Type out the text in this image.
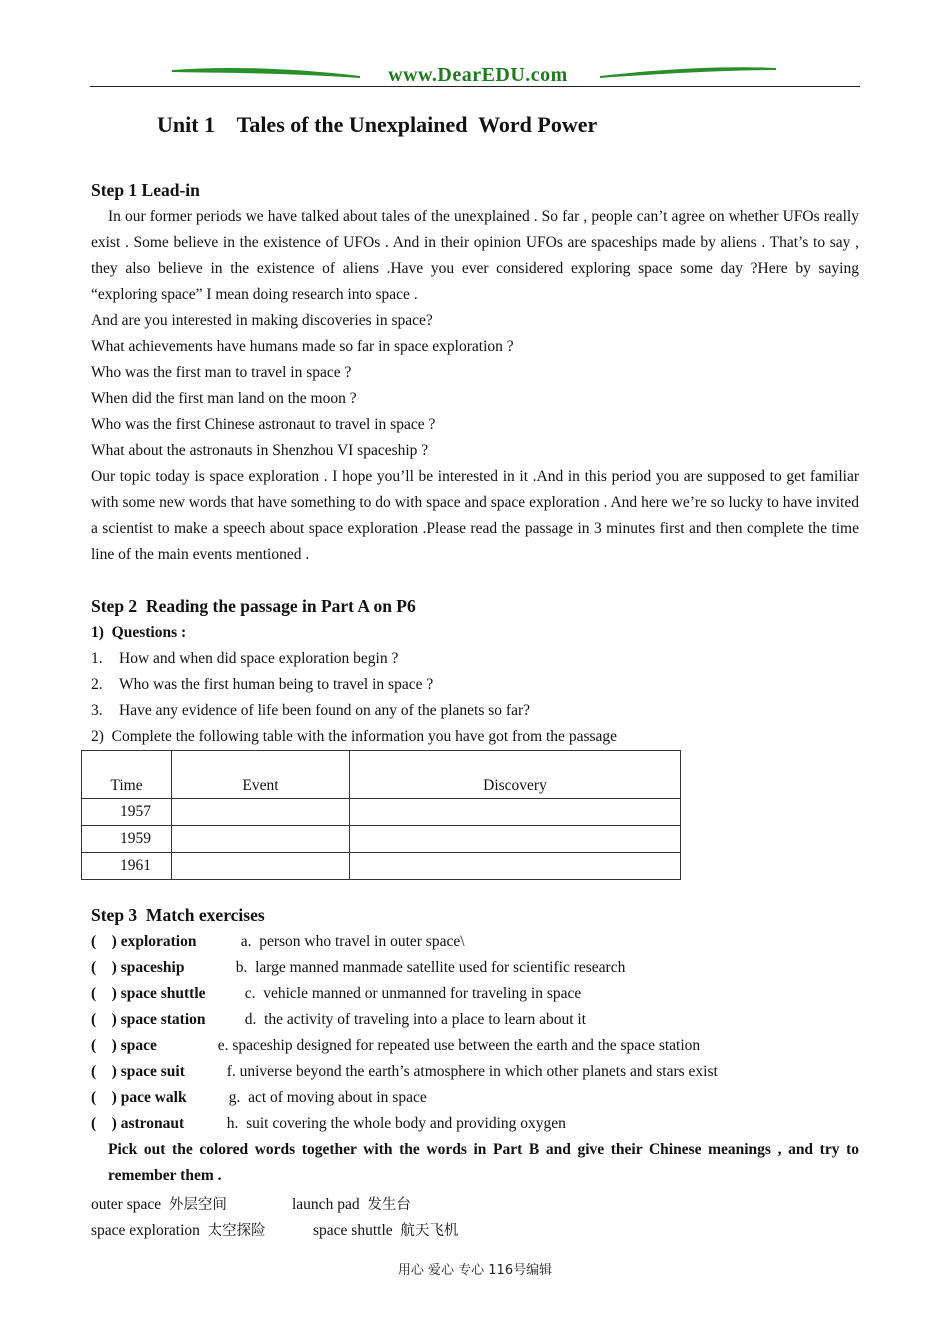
www.DearEDU.com
Unit 1    Tales of the Unexplained  Word Power
Step 1 Lead-in
In our former periods we have talked about tales of the unexplained . So far , people can’t agree on whether UFOs really exist . Some believe in the existence of UFOs . And in their opinion UFOs are spaceships made by aliens . That’s to say , they also believe in the existence of aliens .Have you ever considered exploring space some day ?Here by saying “exploring space” I mean doing research into space .
And are you interested in making discoveries in space?
What achievements have humans made so far in space exploration ?
Who was the first man to travel in space ?
When did the first man land on the moon ?
Who was the first Chinese astronaut to travel in space ?
What about the astronauts in Shenzhou VI spaceship ?
Our topic today is space exploration . I hope you’ll be interested in it .And in this period you are supposed to get familiar with some new words that have something to do with space and space exploration . And here we’re so lucky to have invited a scientist to make a speech about space exploration .Please read the passage in 3 minutes first and then complete the time line of the main events mentioned .
Step 2  Reading the passage in Part A on P6
1)  Questions :
1. How and when did space exploration begin ?
2. Who was the first human being to travel in space ?
3. Have any evidence of life been found on any of the planets so far?
2)  Complete the following table with the information you have got from the passage
Time	Event	Discovery
1957		
1959		
1961		
Step 3  Match exercises
(    ) exploration	a.  person who travel in outer space\
(    ) spaceship	b.  large manned manmade satellite used for scientific research
(    ) space shuttle	c.  vehicle manned or unmanned for traveling in space
(    ) space station	d.  the activity of traveling into a place to learn about it
(    ) space	e. spaceship designed for repeated use between the earth and the space station
(    ) space suit	f. universe beyond the earth’s atmosphere in which other planets and stars exist
(    ) pace walk	g.  act of moving about in space
(    ) astronaut	h.  suit covering the whole body and providing oxygen
Pick out the colored words together with the words in Part B and give their Chinese meanings , and try to remember them .
outer space 外层空间	launch pad 发生台
space exploration 太空探险	space shuttle 航天飞机
用心 爱心 专心 116号编辑
